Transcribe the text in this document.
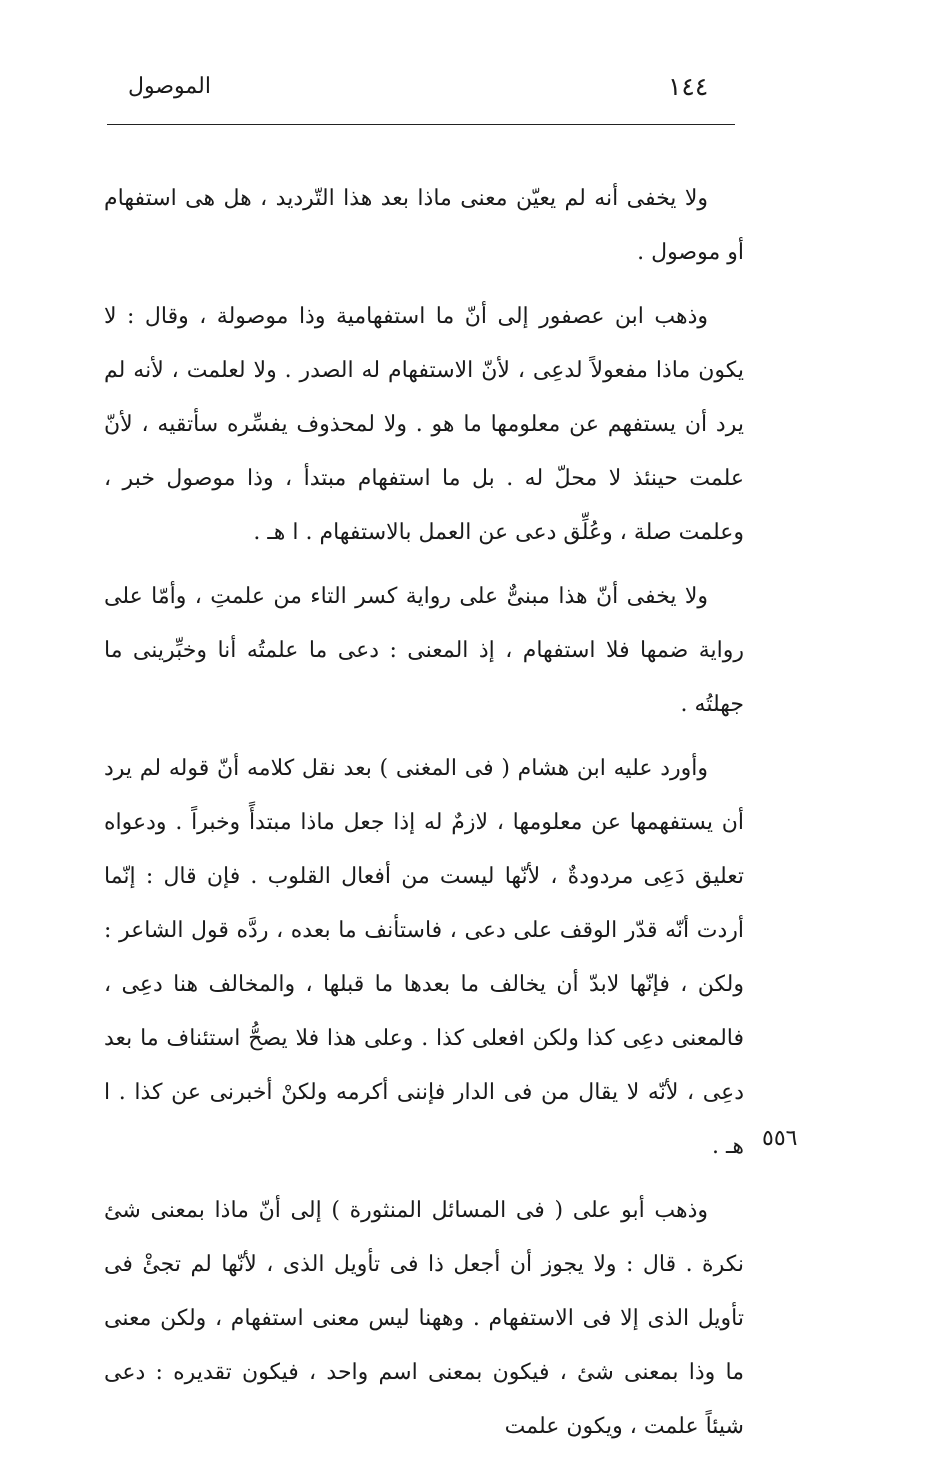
١٤٤
الموصول

ولا يخفى أنه لم يعيّن معنى ماذا بعد هذا التّرديد ، هل هى استفهام أو موصول .

وذهب ابن عصفور إلى أنّ ما استفهامية وذا موصولة ، وقال : لا يكون ماذا مفعولاً لدعِى ، لأنّ الاستفهام له الصدر . ولا لعلمت ، لأنه لم يرد أن يستفهم عن معلومها ما هو . ولا لمحذوف يفسِّره سأتقيه ، لأنّ علمت حينئذ لا محلّ له . بل ما استفهام مبتدأ ، وذا موصول خبر ، وعلمت صلة ، وعُلِّق دعى عن العمل بالاستفهام . ا هـ .

ولا يخفى أنّ هذا مبنىٌّ على رواية كسر التاء من علمتِ ، وأمّا على رواية ضمها فلا استفهام ، إذ المعنى : دعى ما علمتُه أنا وخبِّرينى ما جهلتُه .

وأورد عليه ابن هشام ( فى المغنى ) بعد نقل كلامه أنّ قوله لم يرد أن يستفهمها عن معلومها ، لازمٌ له إذا جعل ماذا مبتدأً وخبراً . ودعواه تعليق دَعِى مردودةٌ ، لأنّها ليست من أفعال القلوب . فإن قال : إنّما أردت أنّه قدّر الوقف على دعى ، فاستأنف ما بعده ، ردَّه قول الشاعر : ولكن ، فإنّها لابدّ أن يخالف ما بعدها ما قبلها ، والمخالف هنا دعِى ، فالمعنى دعِى كذا ولكن افعلى كذا . وعلى هذا فلا يصحُّ استئناف ما بعد دعِى ، لأنّه لا يقال من فى الدار فإننى أكرمه ولكنْ أخبرنى عن كذا . ا هـ .

وذهب أبو على ( فى المسائل المنثورة ) إلى أنّ ماذا بمعنى شئ نكرة . قال : ولا يجوز أن أجعل ذا فى تأويل الذى ، لأنّها لم تجئْ فى تأويل الذى إلا فى الاستفهام . وههنا ليس معنى استفهام ، ولكن معنى ما وذا بمعنى شئ ، فيكون بمعنى اسم واحد ، فيكون تقديره : دعى شيئاً علمت ، ويكون علمت

٥٥٦
